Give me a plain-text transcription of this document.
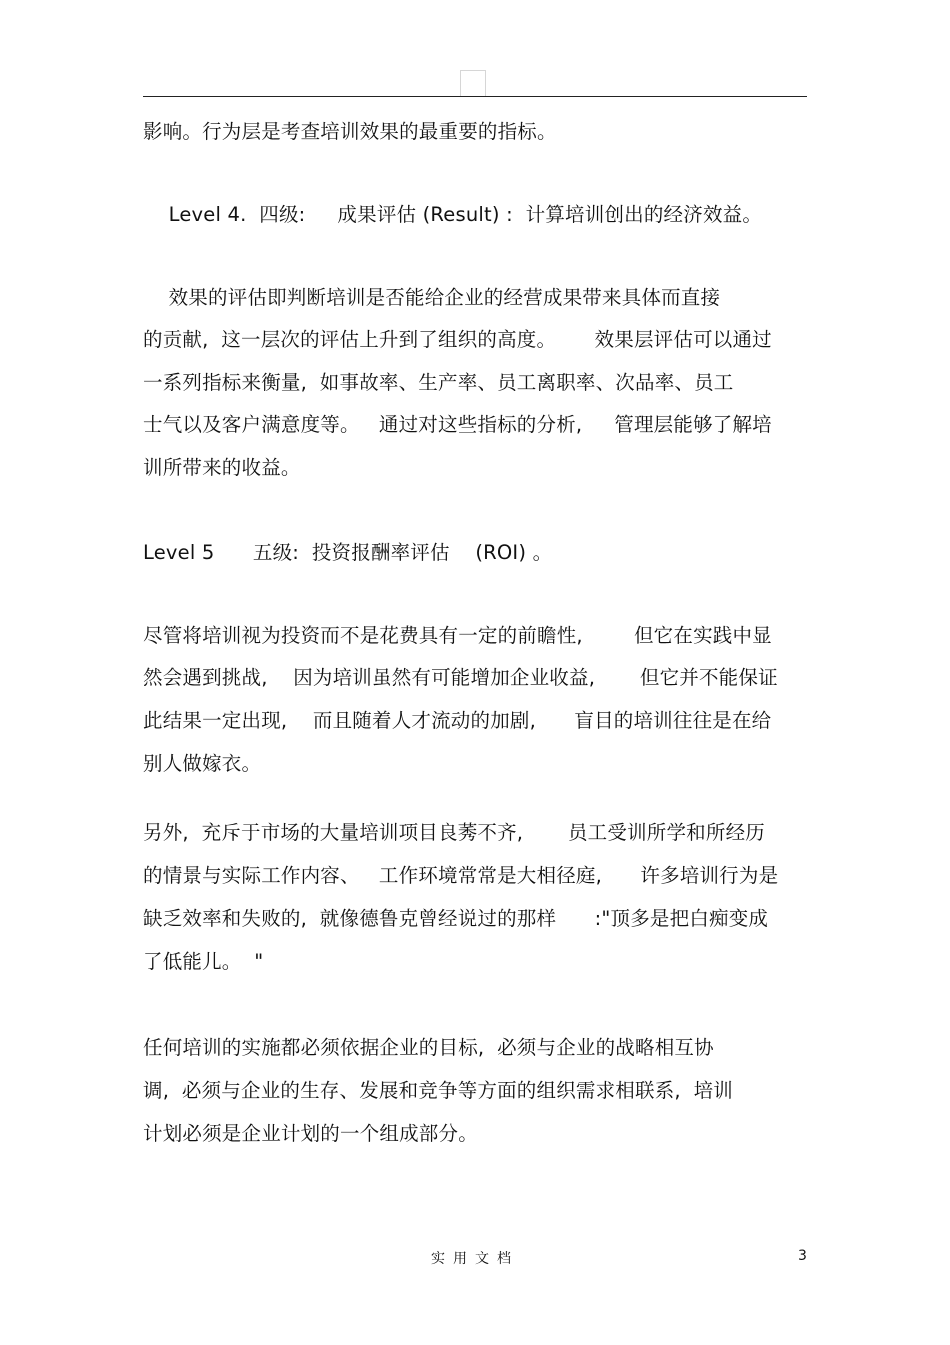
影响。行为层是考查培训效果的最重要的指标。
Level 4.  四级:     成果评估 (Result) :  计算培训创出的经济效益。
效果的评估即判断培训是否能给企业的经营成果带来具体而直接
的贡献,  这一层次的评估上升到了组织的高度。      效果层评估可以通过
一系列指标来衡量,  如事故率、生产率、员工离职率、次品率、员工
士气以及客户满意度等。   通过对这些指标的分析,     管理层能够了解培
训所带来的收益。
Level 5      五级:  投资报酬率评估    (ROI) 。
尽管将培训视为投资而不是花费具有一定的前瞻性,        但它在实践中显
然会遇到挑战,    因为培训虽然有可能增加企业收益,       但它并不能保证
此结果一定出现,    而且随着人才流动的加剧,      盲目的培训往往是在给
别人做嫁衣。
另外,  充斥于市场的大量培训项目良莠不齐,       员工受训所学和所经历
的情景与实际工作内容、   工作环境常常是大相径庭,      许多培训行为是
缺乏效率和失败的,  就像德鲁克曾经说过的那样      :"顶多是把白痴变成
了低能儿。  "
任何培训的实施都必须依据企业的目标,  必须与企业的战略相互协
调,  必须与企业的生存、发展和竞争等方面的组织需求相联系,  培训
计划必须是企业计划的一个组成部分。
实用文档	3
